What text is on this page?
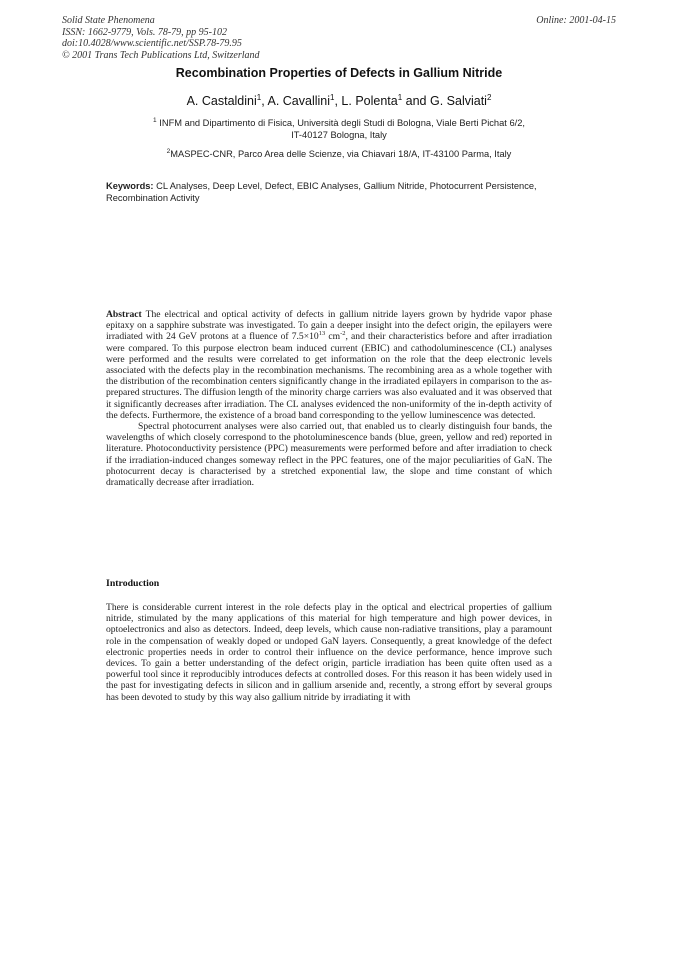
Solid State Phenomena
ISSN: 1662-9779, Vols. 78-79, pp 95-102
doi:10.4028/www.scientific.net/SSP.78-79.95
© 2001 Trans Tech Publications Ltd, Switzerland
Online: 2001-04-15
Recombination Properties of Defects in Gallium Nitride
A. Castaldini$^1$, A. Cavallini$^1$, L. Polenta$^1$ and G. Salviati$^2$
$^1$ INFM and Dipartimento di Fisica, Università degli Studi di Bologna, Viale Berti Pichat 6/2,
IT-40127 Bologna, Italy
$^2$MASPEC-CNR, Parco Area delle Scienze, via Chiavari 18/A, IT-43100 Parma, Italy
Keywords: CL Analyses, Deep Level, Defect, EBIC Analyses, Gallium Nitride, Photocurrent Persistence, Recombination Activity

Abstract The electrical and optical activity of defects in gallium nitride layers grown by hydride vapor phase epitaxy on a sapphire substrate was investigated. To gain a deeper insight into the defect origin, the epilayers were irradiated with 24 GeV protons at a fluence of $7.5\times 10^{13}$ $cm^{-2}$, and their characteristics before and after irradiation were compared. To this purpose electron beam induced current (EBIC) and cathodoluminescence (CL) analyses were performed and the results were correlated to get information on the role that the deep electronic levels associated with the defects play in the recombination mechanisms. The recombining area as a whole together with the distribution of the recombination centers significantly change in the irradiated epilayers in comparison to the as-prepared structures. The diffusion length of the minority charge carriers was also evaluated and it was observed that it significantly decreases after irradiation. The CL analyses evidenced the non-uniformity of the in-depth activity of the defects. Furthermore, the existence of a broad band corresponding to the yellow luminescence was detected.

Spectral photocurrent analyses were also carried out, that enabled us to clearly distinguish four bands, the wavelengths of which closely correspond to the photoluminescence bands (blue, green, yellow and red) reported in literature. Photoconductivity persistence (PPC) measurements were performed before and after irradiation to check if the irradiation-induced changes someway reflect in the PPC features, one of the major peculiarities of GaN. The photocurrent decay is characterised by a stretched exponential law, the slope and time constant of which dramatically decrease after irradiation.

Introduction

There is considerable current interest in the role defects play in the optical and electrical properties of gallium nitride, stimulated by the many applications of this material for high temperature and high power devices, in optoelectronics and also as detectors. Indeed, deep levels, which cause non-radiative transitions, play a paramount role in the compensation of weakly doped or undoped GaN layers. Consequently, a great knowledge of the defect electronic properties needs in order to control their influence on the device performance, hence improve such devices. To gain a better understanding of the defect origin, particle irradiation has been quite often used as a powerful tool since it reproducibly introduces defects at controlled doses. For this reason it has been widely used in the past for investigating defects in silicon and in gallium arsenide and, recently, a strong effort by several groups has been devoted to study by this way also gallium nitride by irradiating it with
